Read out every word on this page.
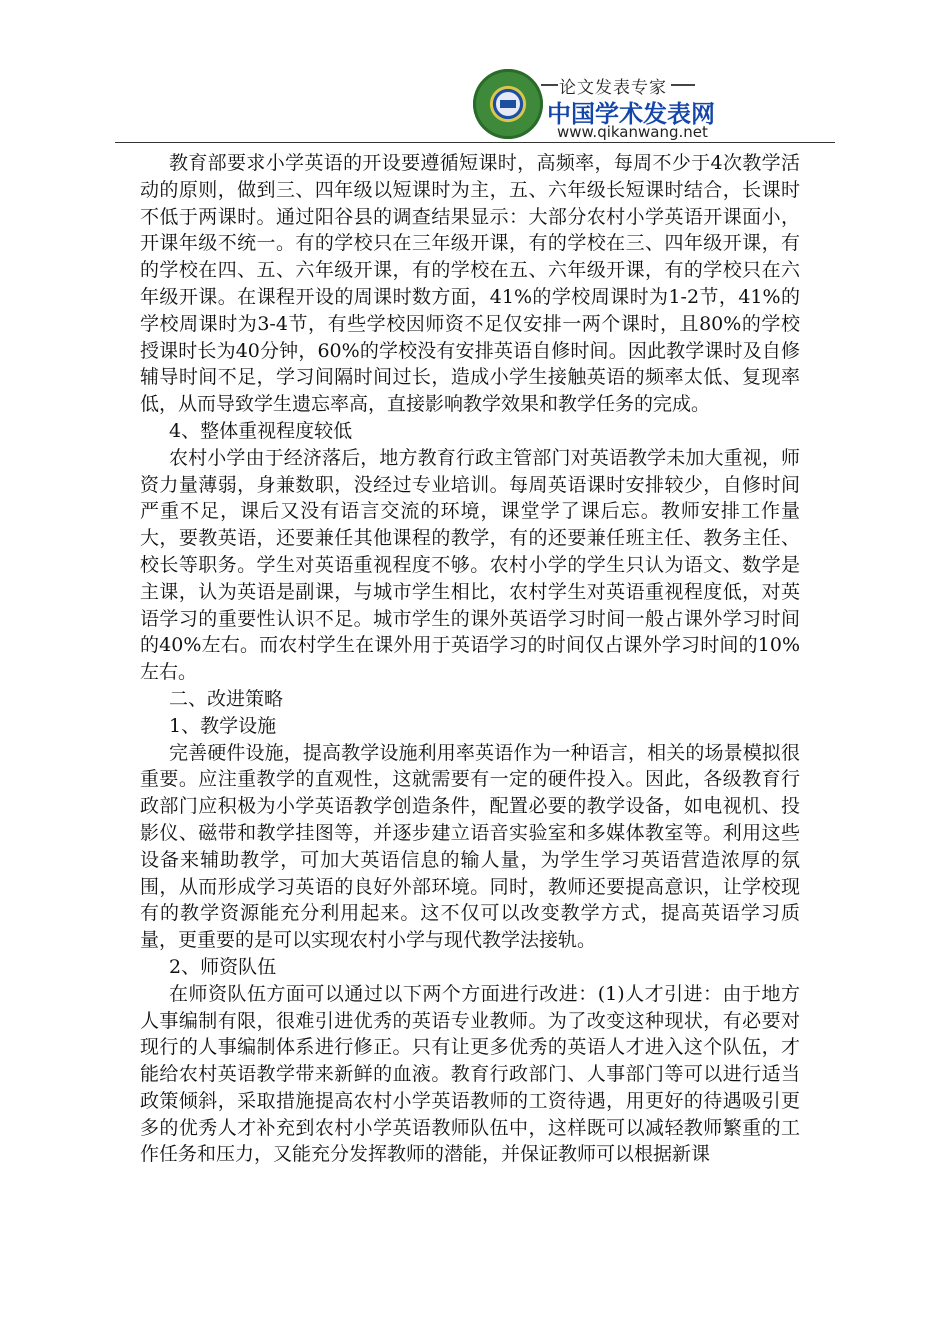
论文发表专家
中国学术发表网
www.qikanwang.net

教育部要求小学英语的开设要遵循短课时，高频率，每周不少于4次教学活动的原则，做到三、四年级以短课时为主，五、六年级长短课时结合，长课时不低于两课时。通过阳谷县的调查结果显示：大部分农村小学英语开课面小，开课年级不统一。有的学校只在三年级开课，有的学校在三、四年级开课，有的学校在四、五、六年级开课，有的学校在五、六年级开课，有的学校只在六年级开课。在课程开设的周课时数方面，41%的学校周课时为1-2节，41%的学校周课时为3-4节，有些学校因师资不足仅安排一两个课时，且80%的学校授课时长为40分钟，60%的学校没有安排英语自修时间。因此教学课时及自修辅导时间不足，学习间隔时间过长，造成小学生接触英语的频率太低、复现率低，从而导致学生遗忘率高，直接影响教学效果和教学任务的完成。

4、整体重视程度较低

农村小学由于经济落后，地方教育行政主管部门对英语教学未加大重视，师资力量薄弱，身兼数职，没经过专业培训。每周英语课时安排较少，自修时间严重不足，课后又没有语言交流的环境，课堂学了课后忘。教师安排工作量大，要教英语，还要兼任其他课程的教学，有的还要兼任班主任、教务主任、校长等职务。学生对英语重视程度不够。农村小学的学生只认为语文、数学是主课，认为英语是副课，与城市学生相比，农村学生对英语重视程度低，对英语学习的重要性认识不足。城市学生的课外英语学习时间一般占课外学习时间的40%左右。而农村学生在课外用于英语学习的时间仅占课外学习时间的10%左右。

二、改进策略

1、教学设施

完善硬件设施，提高教学设施利用率英语作为一种语言，相关的场景模拟很重要。应注重教学的直观性，这就需要有一定的硬件投入。因此，各级教育行政部门应积极为小学英语教学创造条件，配置必要的教学设备，如电视机、投影仪、磁带和教学挂图等，并逐步建立语音实验室和多媒体教室等。利用这些设备来辅助教学，可加大英语信息的输人量，为学生学习英语营造浓厚的氛围，从而形成学习英语的良好外部环境。同时，教师还要提高意识，让学校现有的教学资源能充分利用起来。这不仅可以改变教学方式，提高英语学习质量，更重要的是可以实现农村小学与现代教学法接轨。

2、师资队伍

在师资队伍方面可以通过以下两个方面进行改进：(1)人才引进：由于地方人事编制有限，很难引进优秀的英语专业教师。为了改变这种现状，有必要对现行的人事编制体系进行修正。只有让更多优秀的英语人才进入这个队伍，才能给农村英语教学带来新鲜的血液。教育行政部门、人事部门等可以进行适当政策倾斜，采取措施提高农村小学英语教师的工资待遇，用更好的待遇吸引更多的优秀人才补充到农村小学英语教师队伍中，这样既可以减轻教师繁重的工作任务和压力，又能充分发挥教师的潜能，并保证教师可以根据新课
